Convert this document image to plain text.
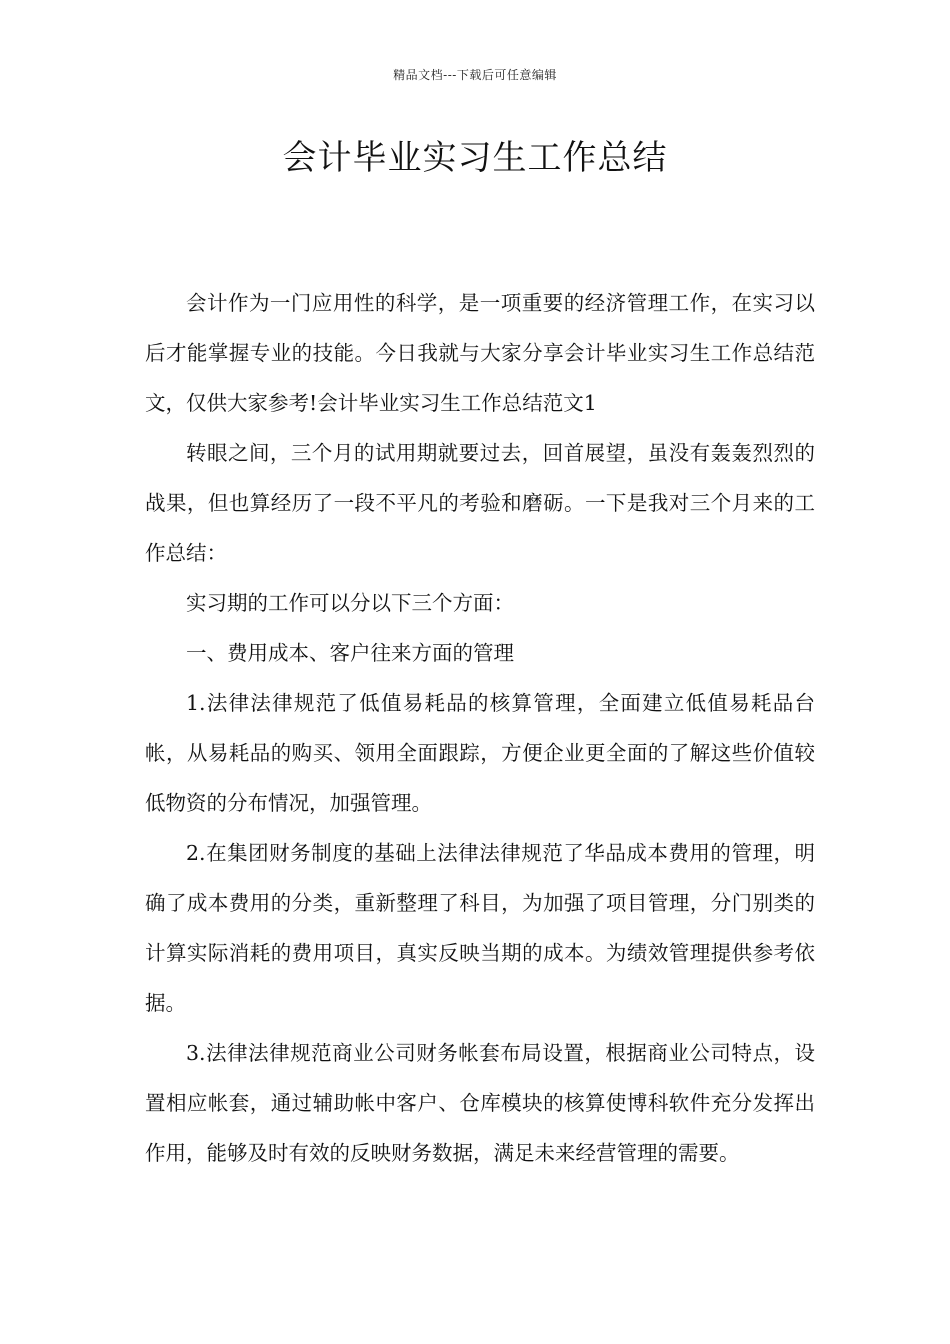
精品文档---下载后可任意编辑
会计毕业实习生工作总结

会计作为一门应用性的科学，是一项重要的经济管理工作，在实习以后才能掌握专业的技能。今日我就与大家分享会计毕业实习生工作总结范文，仅供大家参考!会计毕业实习生工作总结范文1

转眼之间，三个月的试用期就要过去，回首展望，虽没有轰轰烈烈的战果，但也算经历了一段不平凡的考验和磨砺。一下是我对三个月来的工作总结：

实习期的工作可以分以下三个方面：

一、费用成本、客户往来方面的管理

1.法律法律规范了低值易耗品的核算管理，全面建立低值易耗品台帐，从易耗品的购买、领用全面跟踪，方便企业更全面的了解这些价值较低物资的分布情况，加强管理。

2.在集团财务制度的基础上法律法律规范了华品成本费用的管理，明确了成本费用的分类，重新整理了科目，为加强了项目管理，分门别类的计算实际消耗的费用项目，真实反映当期的成本。为绩效管理提供参考依据。

3.法律法律规范商业公司财务帐套布局设置，根据商业公司特点，设置相应帐套，通过辅助帐中客户、仓库模块的核算使博科软件充分发挥出作用，能够及时有效的反映财务数据，满足未来经营管理的需要。
